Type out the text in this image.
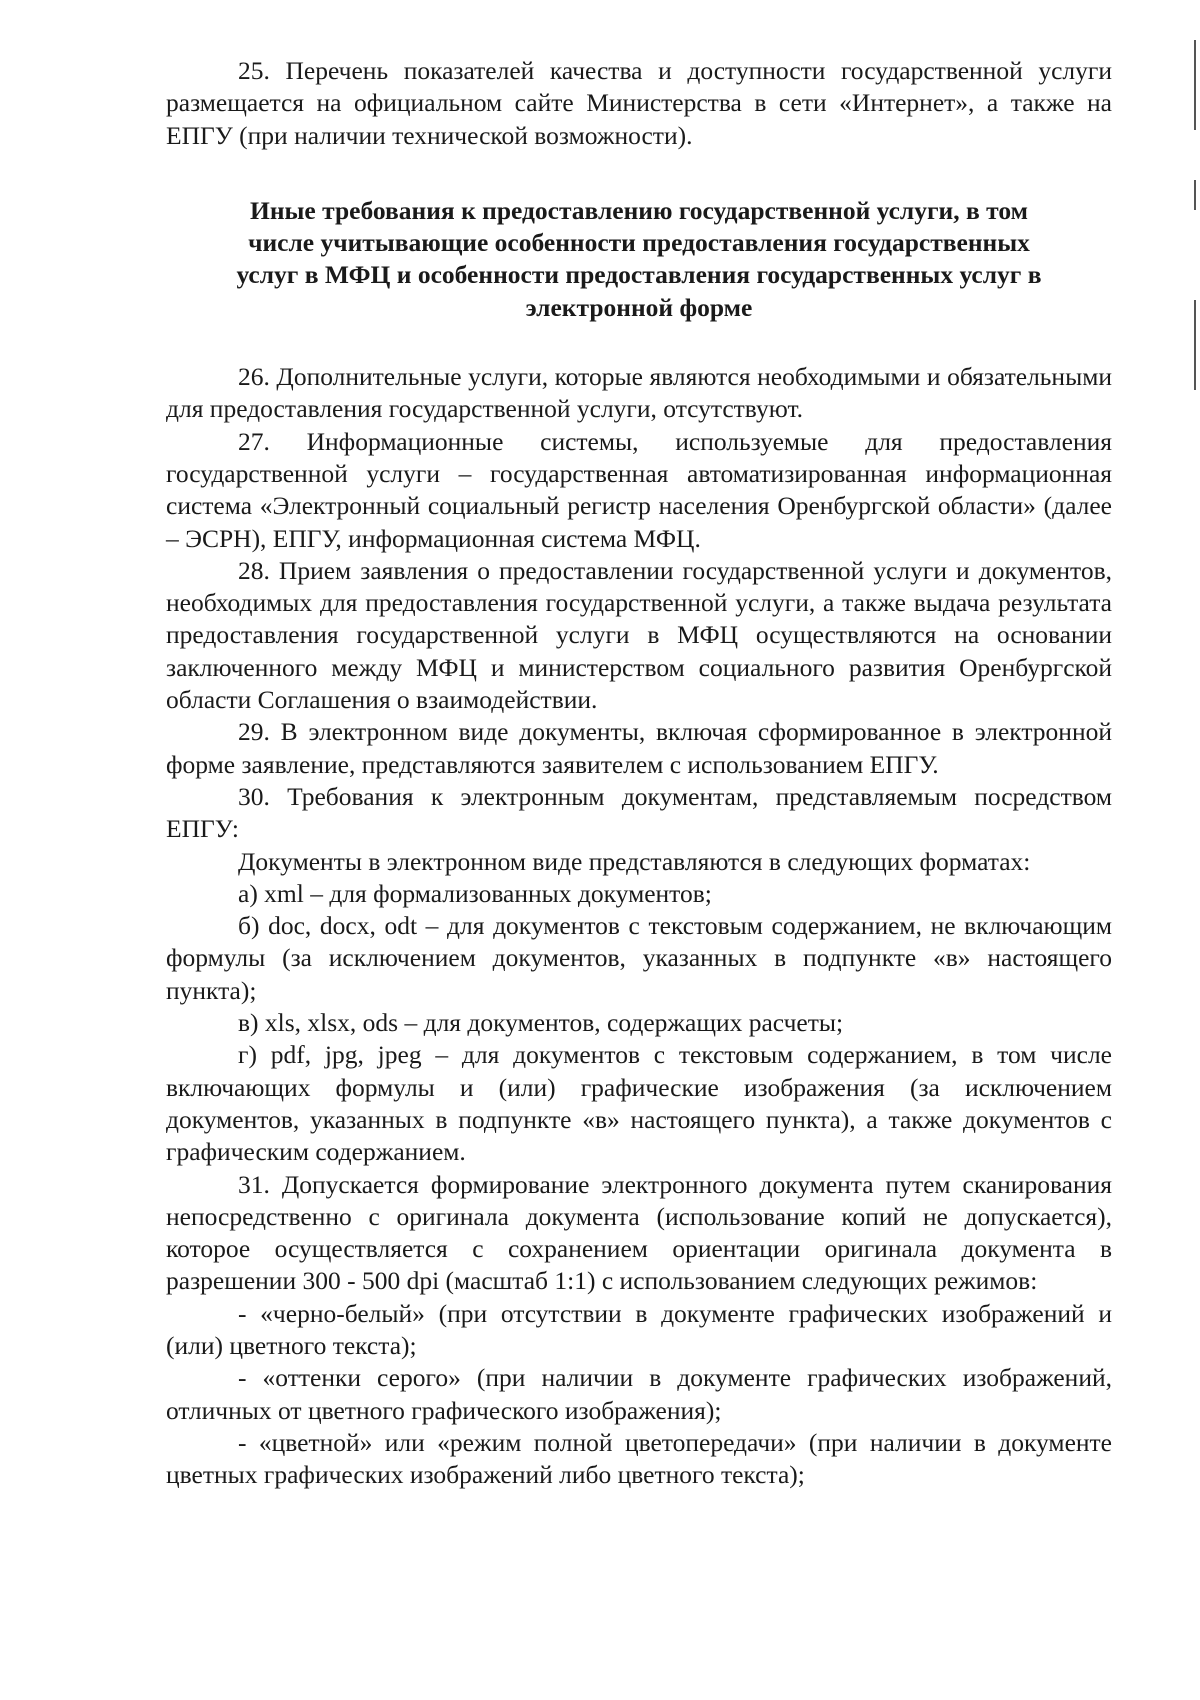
25. Перечень показателей качества и доступности государственной услуги размещается на официальном сайте Министерства в сети «Интернет», а также на ЕПГУ (при наличии технической возможности).

Иные требования к предоставлению государственной услуги, в том
числе учитывающие особенности предоставления государственных
услуг в МФЦ и особенности предоставления государственных услуг в
электронной форме

26. Дополнительные услуги, которые являются необходимыми и обязательными для предоставления государственной услуги, отсутствуют.

27. Информационные системы, используемые для предоставления государственной услуги – государственная автоматизированная информационная система «Электронный социальный регистр населения Оренбургской области» (далее – ЭСРН), ЕПГУ, информационная система МФЦ.

28. Прием заявления о предоставлении государственной услуги и документов, необходимых для предоставления государственной услуги, а также выдача результата предоставления государственной услуги в МФЦ осуществляются на основании заключенного между МФЦ и министерством социального развития Оренбургской области Соглашения о взаимодействии.

29. В электронном виде документы, включая сформированное в электронной форме заявление, представляются заявителем с использованием ЕПГУ.

30. Требования к электронным документам, представляемым посредством ЕПГУ:

Документы в электронном виде представляются в следующих форматах:

а) xml – для формализованных документов;

б) doc, docx, odt – для документов с текстовым содержанием, не включающим формулы (за исключением документов, указанных в подпункте «в» настоящего пункта);

в) xls, xlsx, ods – для документов, содержащих расчеты;

г) pdf, jpg, jpeg – для документов с текстовым содержанием, в том числе включающих формулы и (или) графические изображения (за исключением документов, указанных в подпункте «в» настоящего пункта), а также документов с графическим содержанием.

31. Допускается формирование электронного документа путем сканирования непосредственно с оригинала документа (использование копий не допускается), которое осуществляется с сохранением ориентации оригинала документа в разрешении 300 - 500 dpi (масштаб 1:1) с использованием следующих режимов:

- «черно-белый» (при отсутствии в документе графических изображений и (или) цветного текста);

- «оттенки серого» (при наличии в документе графических изображений, отличных от цветного графического изображения);

- «цветной» или «режим полной цветопередачи» (при наличии в документе цветных графических изображений либо цветного текста);
